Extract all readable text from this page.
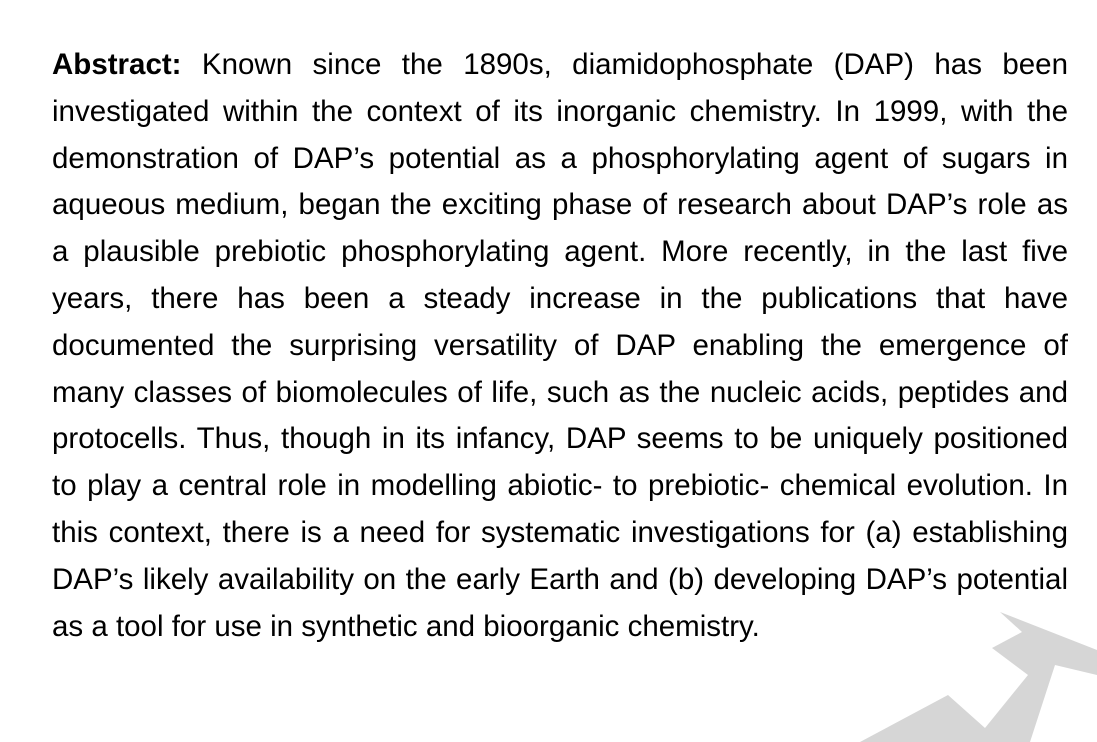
Abstract: Known since the 1890s, diamidophosphate (DAP) has been investigated within the context of its inorganic chemistry. In 1999, with the demonstration of DAP’s potential as a phosphorylating agent of sugars in aqueous medium, began the exciting phase of research about DAP’s role as a plausible prebiotic phosphorylating agent. More recently, in the last five years, there has been a steady increase in the publications that have documented the surprising versatility of DAP enabling the emergence of many classes of biomolecules of life, such as the nucleic acids, peptides and protocells. Thus, though in its infancy, DAP seems to be uniquely positioned to play a central role in modelling abiotic- to prebiotic- chemical evolution. In this context, there is a need for systematic investigations for (a) establishing DAP’s likely availability on the early Earth and (b) developing DAP’s potential as a tool for use in synthetic and bioorganic chemistry.
